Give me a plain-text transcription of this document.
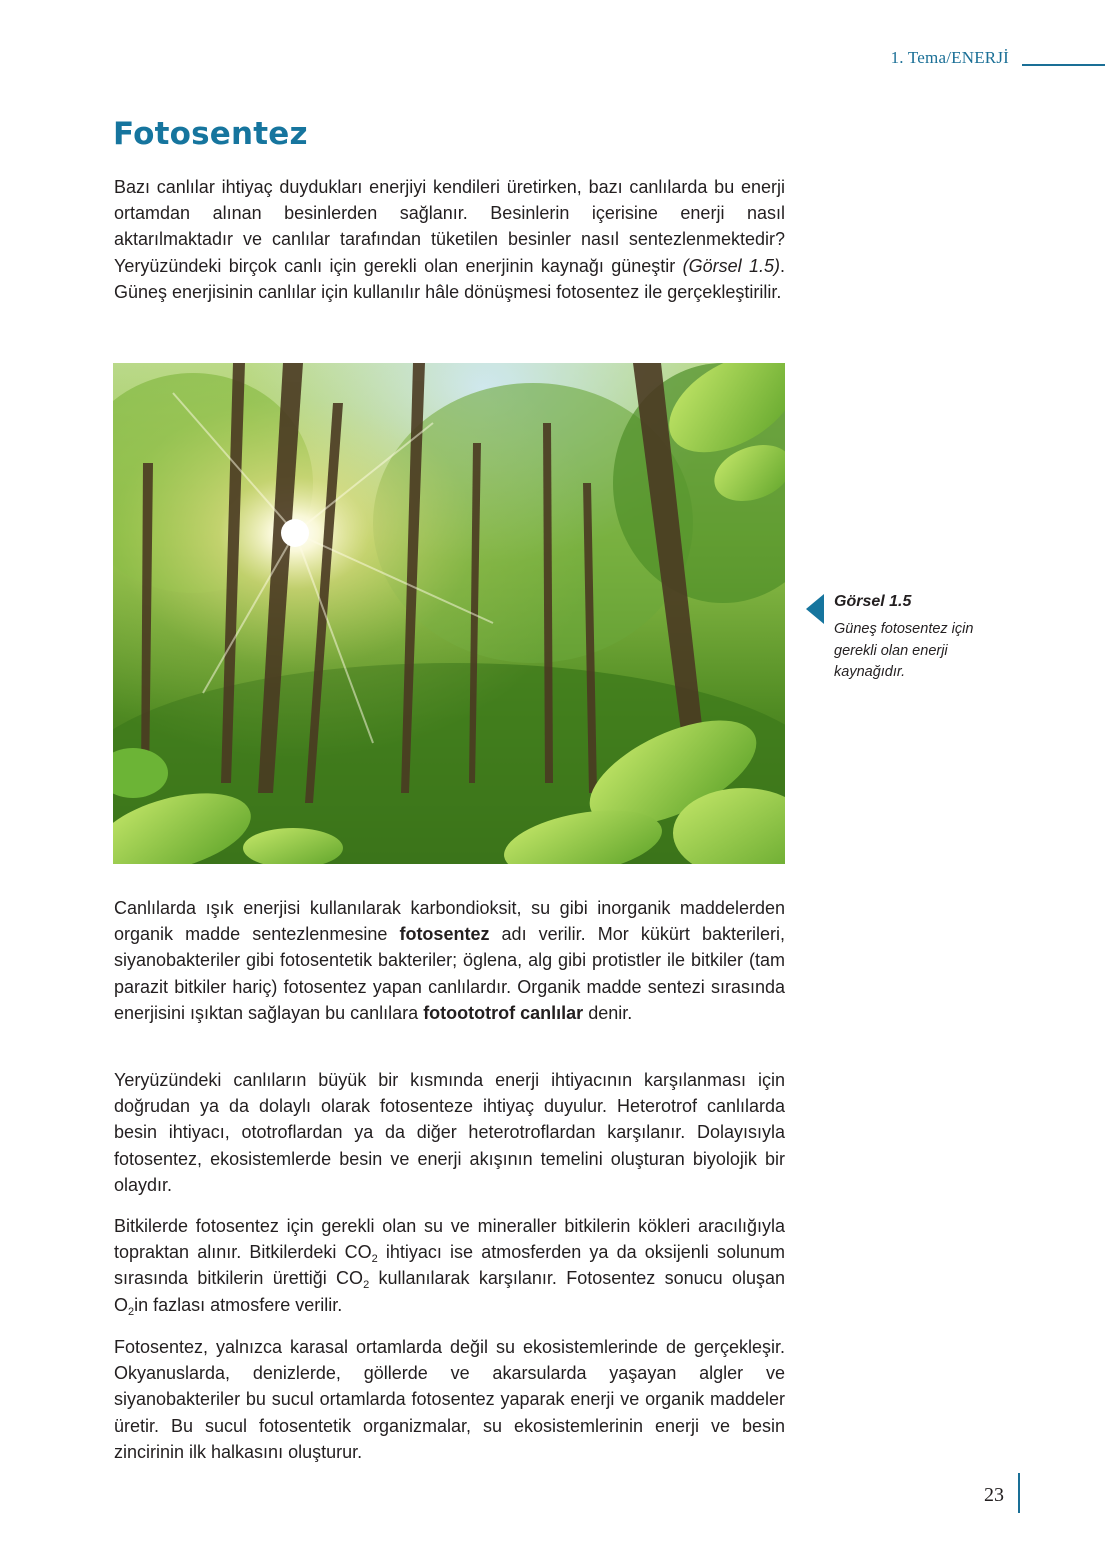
1. Tema/ENERJİ
Fotosentez

Bazı canlılar ihtiyaç duydukları enerjiyi kendileri üretirken, bazı canlılarda bu enerji ortamdan alınan besinlerden sağlanır. Besinlerin içerisine enerji nasıl aktarılmaktadır ve canlılar tarafından tüketilen besinler nasıl sentezlenmektedir? Yeryüzündeki birçok canlı için gerekli olan enerjinin kaynağı güneştir (Görsel 1.5). Güneş enerjisinin canlılar için kullanılır hâle dönüşmesi fotosentez ile gerçekleştirilir.

Görsel 1.5
Güneş fotosentez için gerekli olan enerji kaynağıdır.

Canlılarda ışık enerjisi kullanılarak karbondioksit, su gibi inorganik maddelerden organik madde sentezlenmesine fotosentez adı verilir. Mor kükürt bakterileri, siyanobakteriler gibi fotosentetik bakteriler; öglena, alg gibi protistler ile bitkiler (tam parazit bitkiler hariç) fotosentez yapan canlılardır. Organik madde sentezi sırasında enerjisini ışıktan sağlayan bu canlılara fotoototrof canlılar denir.

Yeryüzündeki canlıların büyük bir kısmında enerji ihtiyacının karşılanması için doğrudan ya da dolaylı olarak fotosenteze ihtiyaç duyulur. Heterotrof canlılarda besin ihtiyacı, ototroflardan ya da diğer heterotroflardan karşılanır. Dolayısıyla fotosentez, ekosistemlerde besin ve enerji akışının temelini oluşturan biyolojik bir olaydır.

Bitkilerde fotosentez için gerekli olan su ve mineraller bitkilerin kökleri aracılığıyla topraktan alınır. Bitkilerdeki $CO_2$ ihtiyacı ise atmosferden ya da oksijenli solunum sırasında bitkilerin ürettiği $CO_2$ kullanılarak karşılanır. Fotosentez sonucu oluşan $O_2in$ fazlası atmosfere verilir.

Fotosentez, yalnızca karasal ortamlarda değil su ekosistemlerinde de gerçekleşir. Okyanuslarda, denizlerde, göllerde ve akarsularda yaşayan algler ve siyanobakteriler bu sucul ortamlarda fotosentez yaparak enerji ve organik maddeler üretir. Bu sucul fotosentetik organizmalar, su ekosistemlerinin enerji ve besin zincirinin ilk halkasını oluşturur.

23
